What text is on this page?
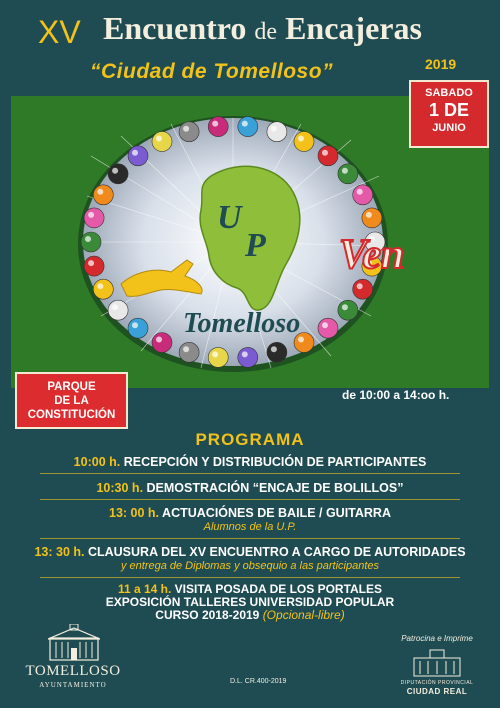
XV Encuentro de Encajeras
“Ciudad de Tomelloso”	2019
U
P
Tomelloso
Ven
SABADO
1 DE
JUNIO
PARQUE
DE LA
CONSTITUCIÓN
de 10:00 a 14:oo h.
PROGRAMA
10:00 h. RECEPCIÓN Y DISTRIBUCIÓN DE PARTICIPANTES
10:30 h. DEMOSTRACIÓN “ENCAJE DE BOLILLOS”
13: 00 h. ACTUACIÓNES DE BAILE / GUITARRA
Alumnos de la U.P.
13: 30 h. CLAUSURA DEL XV ENCUENTRO A CARGO DE AUTORIDADES
y entrega de Diplomas y obsequio a las participantes
11 a 14 h. VISITA POSADA DE LOS PORTALES
EXPOSICIÓN TALLERES UNIVERSIDAD POPULAR
CURSO 2018-2019 (Opcional-libre)
TOMELLOSO
AYUNTAMIENTO	D.L. CR.400-2019
Patrocina e Imprime
DIPUTACIÓN PROVINCIAL
CIUDAD REAL
